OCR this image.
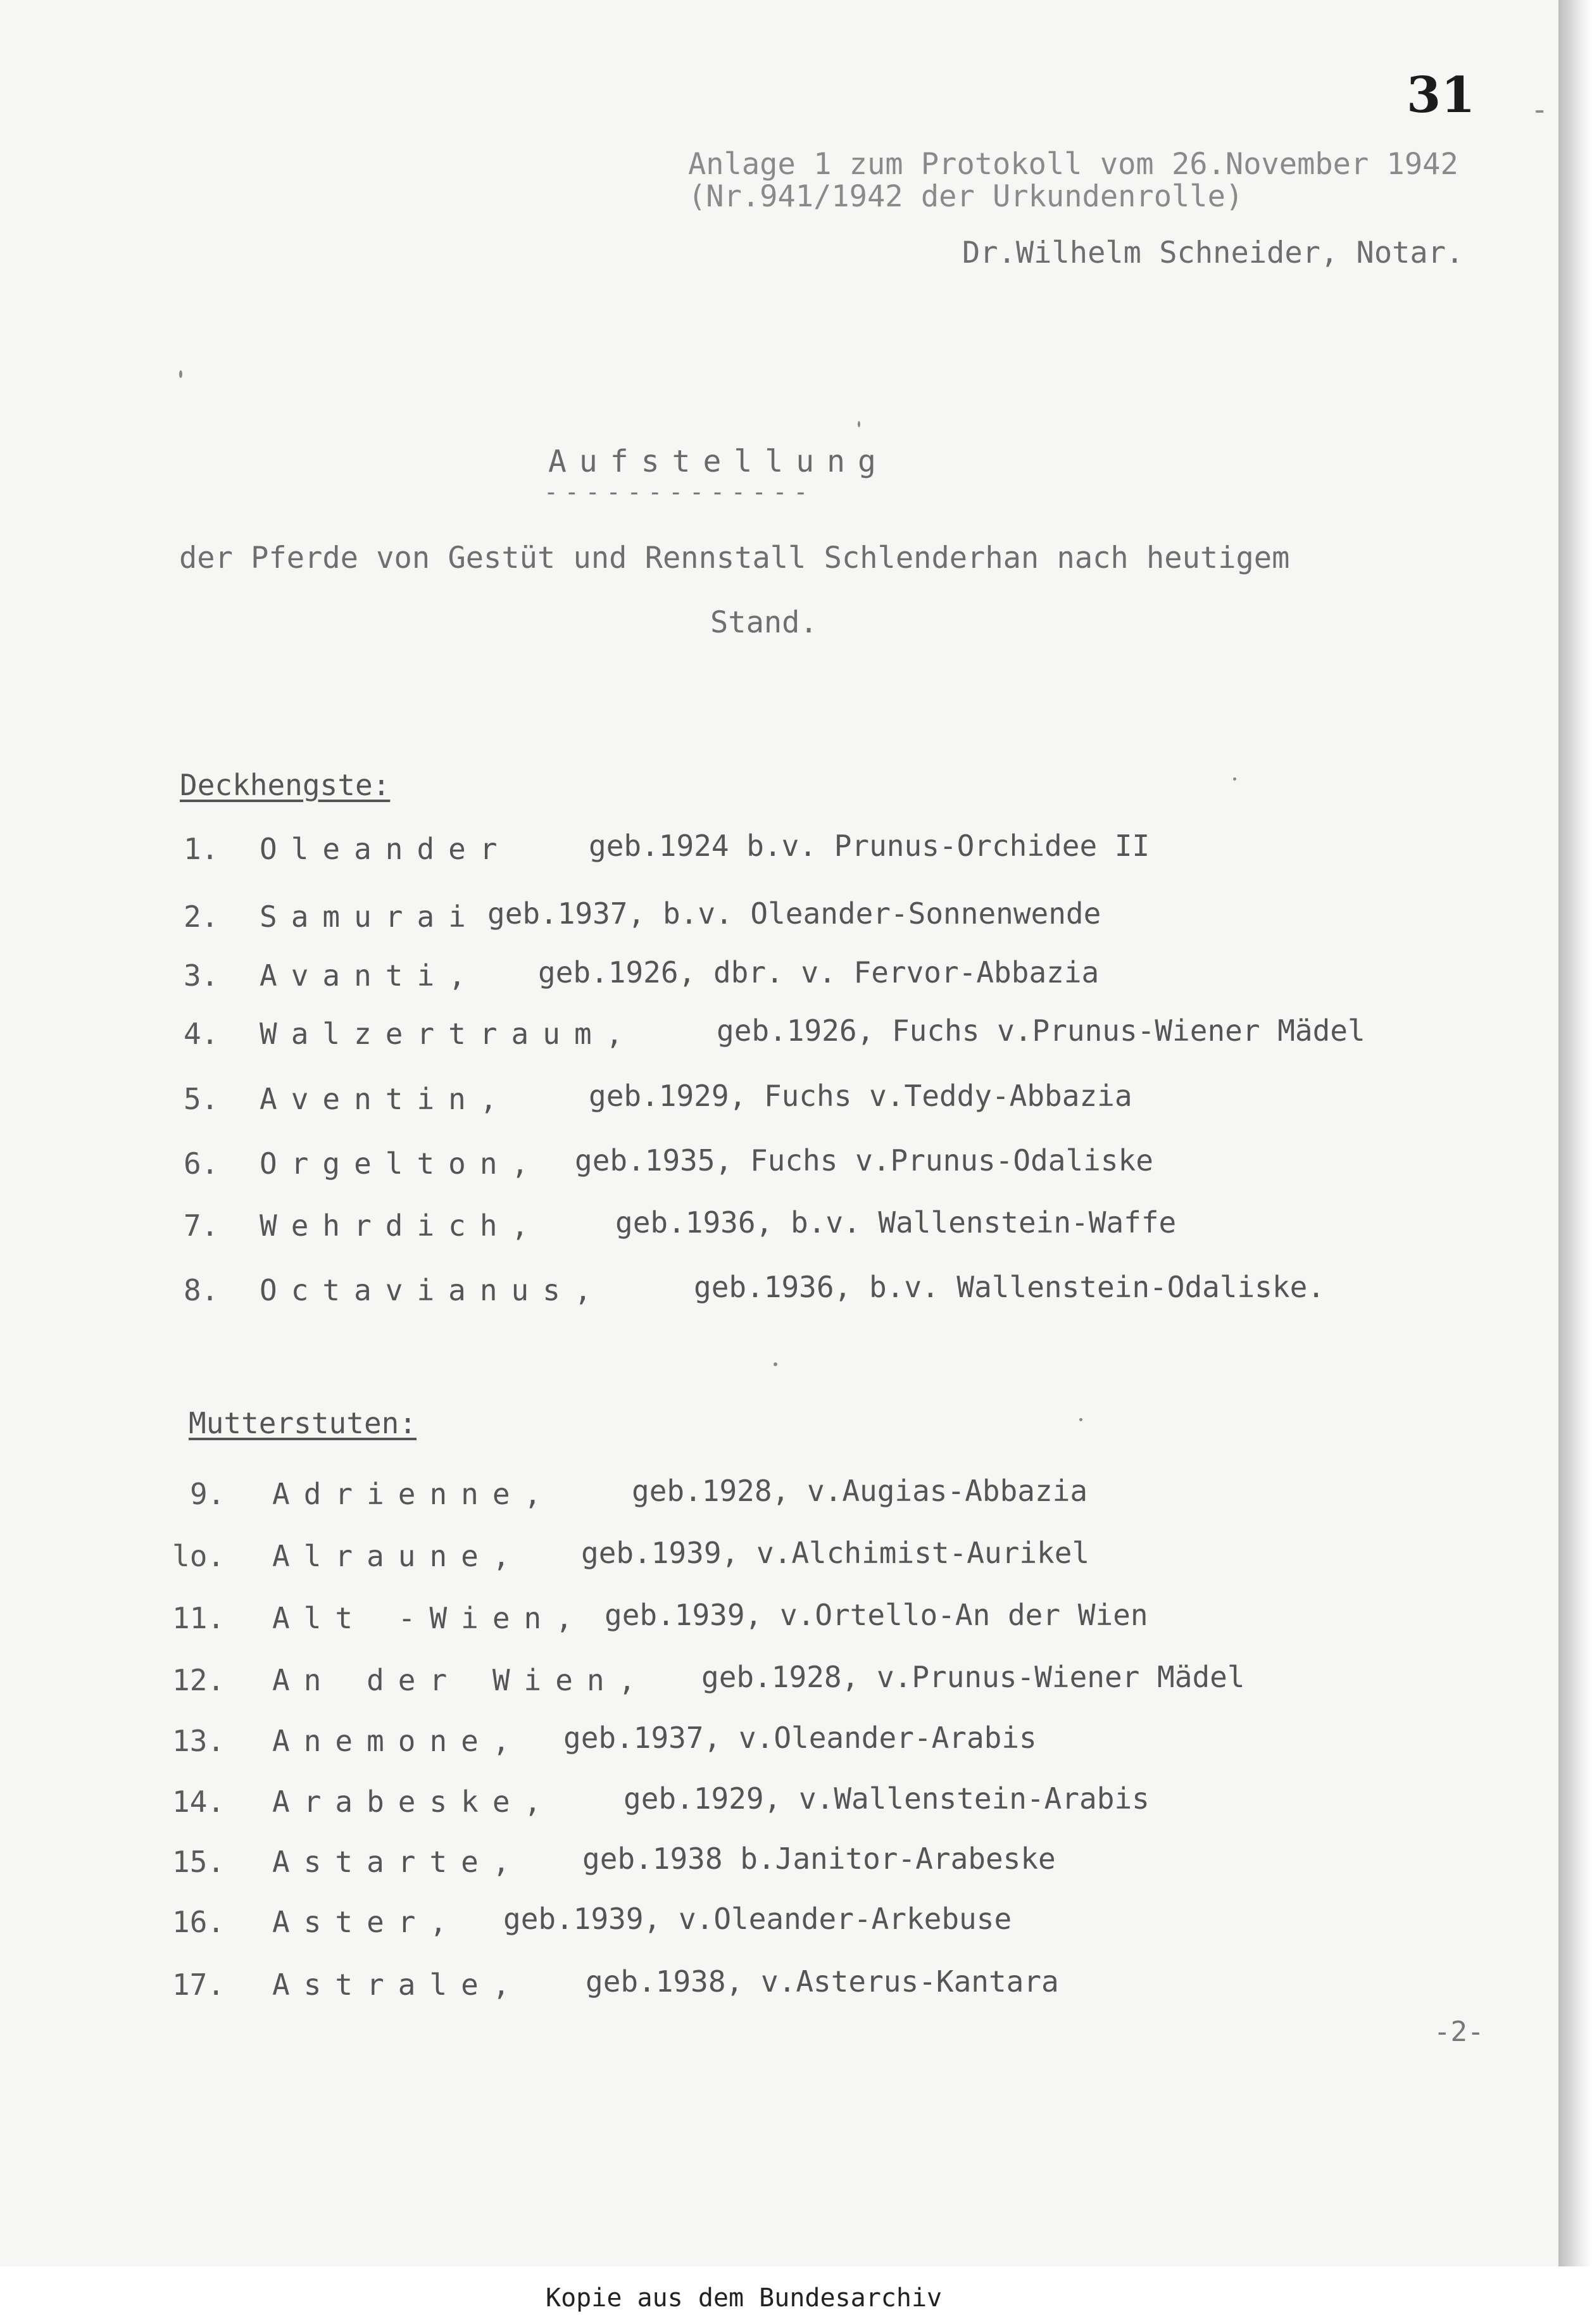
31 -
Anlage 1 zum Protokoll vom 26.November 1942
(Nr.941/1942 der Urkundenrolle)
Dr.Wilhelm Schneider, Notar.
Aufstellung
-------------
der Pferde von Gestüt und Rennstall Schlenderhan nach heutigem
Stand.
Deckhengste:
1. Oleander	geb.1924 b.v. Prunus-Orchidee II
2. Samurai geb.1937, b.v. Oleander-Sonnenwende
3. Avanti, geb.1926, dbr. v. Fervor-Abbazia
4. Walzertraum,	geb.1926, Fuchs v.Prunus-Wiener Mädel
5. Aventin,	geb.1929, Fuchs v.Teddy-Abbazia
6. Orgelton, geb.1935, Fuchs v.Prunus-Odaliske
7. Wehrdich, geb.1936, b.v. Wallenstein-Waffe
8. Octavianus,	geb.1936, b.v. Wallenstein-Odaliske.
Mutterstuten:
9. Adrienne,	geb.1928, v.Augias-Abbazia
lo. Alraune, geb.1939, v.Alchimist-Aurikel
11. Alt -Wien, geb.1939, v.Ortello-An der Wien
12. An der Wien, geb.1928, v.Prunus-Wiener Mädel
13. Anemone, geb.1937, v.Oleander-Arabis
14. Arabeske, geb.1929, v.Wallenstein-Arabis
15. Astarte, geb.1938 b.Janitor-Arabeske
16. Aster, geb.1939, v.Oleander-Arkebuse
17. Astrale, geb.1938, v.Asterus-Kantara
-2-
Kopie aus dem Bundesarchiv
